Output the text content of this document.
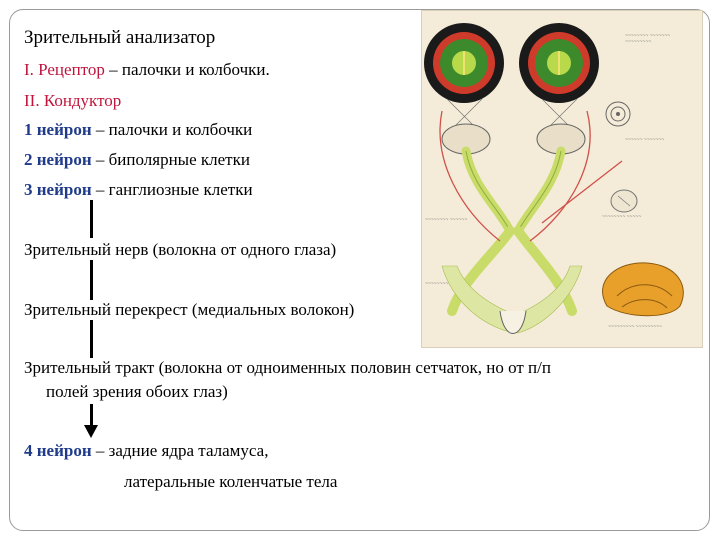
Зрительный анализатор
I. Рецептор – палочки и колбочки.
II. Кондуктор
1 нейрон – палочки и колбочки
2 нейрон – биполярные клетки
3 нейрон – ганглиозные клетки
Зрительный нерв (волокна от одного глаза)
Зрительный перекрест (медиальных волокон)
Зрительный тракт (волокна от одноименных половин сетчаток, но от п/п
полей зрения обоих глаз)
4 нейрон – задние ядра таламуса,
латеральные коленчатые тела
~~~~~~~~ ~~~~~~~ ~~~~~~~~~
~~~~~~ ~~~~~~~
~~~~~~~~ ~~~~~
~~~~~~~~ ~~~~~~
~~~~~~~~
~~~~~~~~~ ~~~~~~~~~
